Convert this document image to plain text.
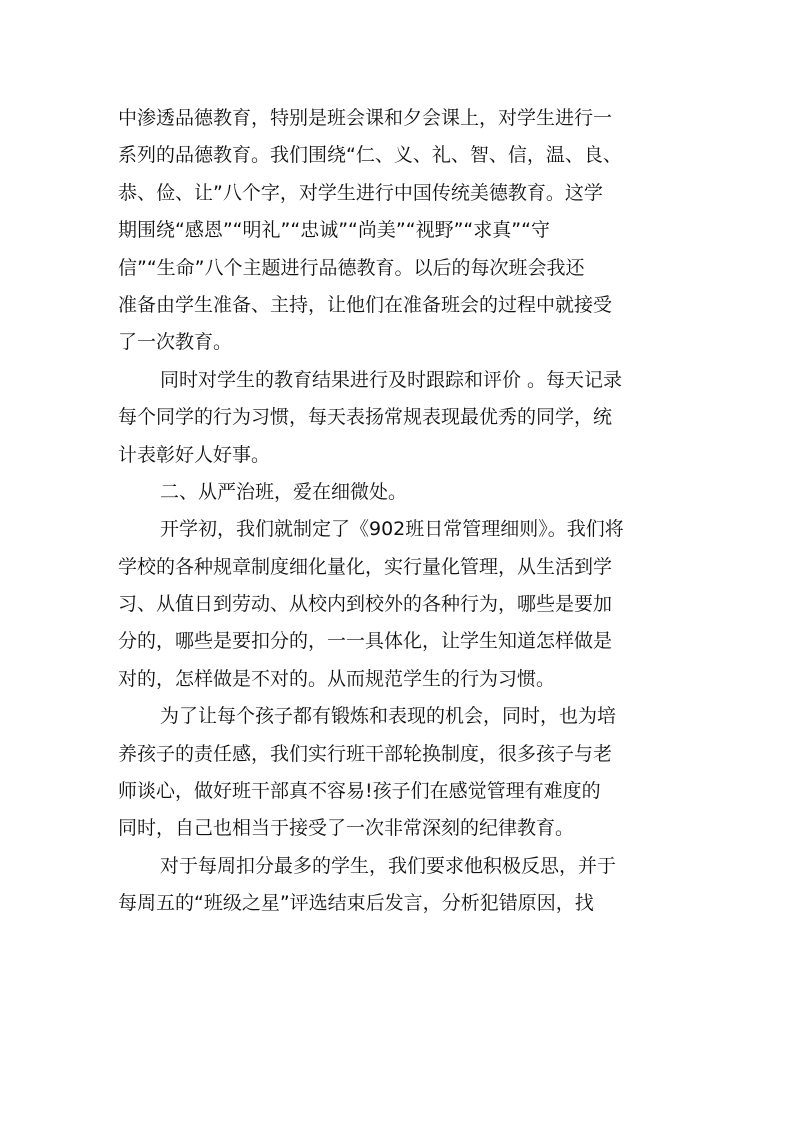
中渗透品德教育，特别是班会课和夕会课上，对学生进行一
系列的品德教育。我们围绕“仁、义、礼、智、信，温、良、
恭、俭、让”八个字，对学生进行中国传统美德教育。这学
期围绕“感恩”“明礼”“忠诚”“尚美”“视野”“求真”“守
信”“生命”八个主题进行品德教育。以后的每次班会我还
准备由学生准备、主持，让他们在准备班会的过程中就接受
了一次教育。
同时对学生的教育结果进行及时跟踪和评价 。每天记录
每个同学的行为习惯，每天表扬常规表现最优秀的同学，统
计表彰好人好事。
二、从严治班，爱在细微处。
开学初，我们就制定了《902班日常管理细则》。我们将
学校的各种规章制度细化量化，实行量化管理，从生活到学
习、从值日到劳动、从校内到校外的各种行为，哪些是要加
分的，哪些是要扣分的，一一具体化，让学生知道怎样做是
对的，怎样做是不对的。从而规范学生的行为习惯。
为了让每个孩子都有锻炼和表现的机会，同时，也为培
养孩子的责任感，我们实行班干部轮换制度，很多孩子与老
师谈心，做好班干部真不容易!孩子们在感觉管理有难度的
同时，自己也相当于接受了一次非常深刻的纪律教育。
对于每周扣分最多的学生，我们要求他积极反思，并于
每周五的“班级之星”评选结束后发言，分析犯错原因，找
